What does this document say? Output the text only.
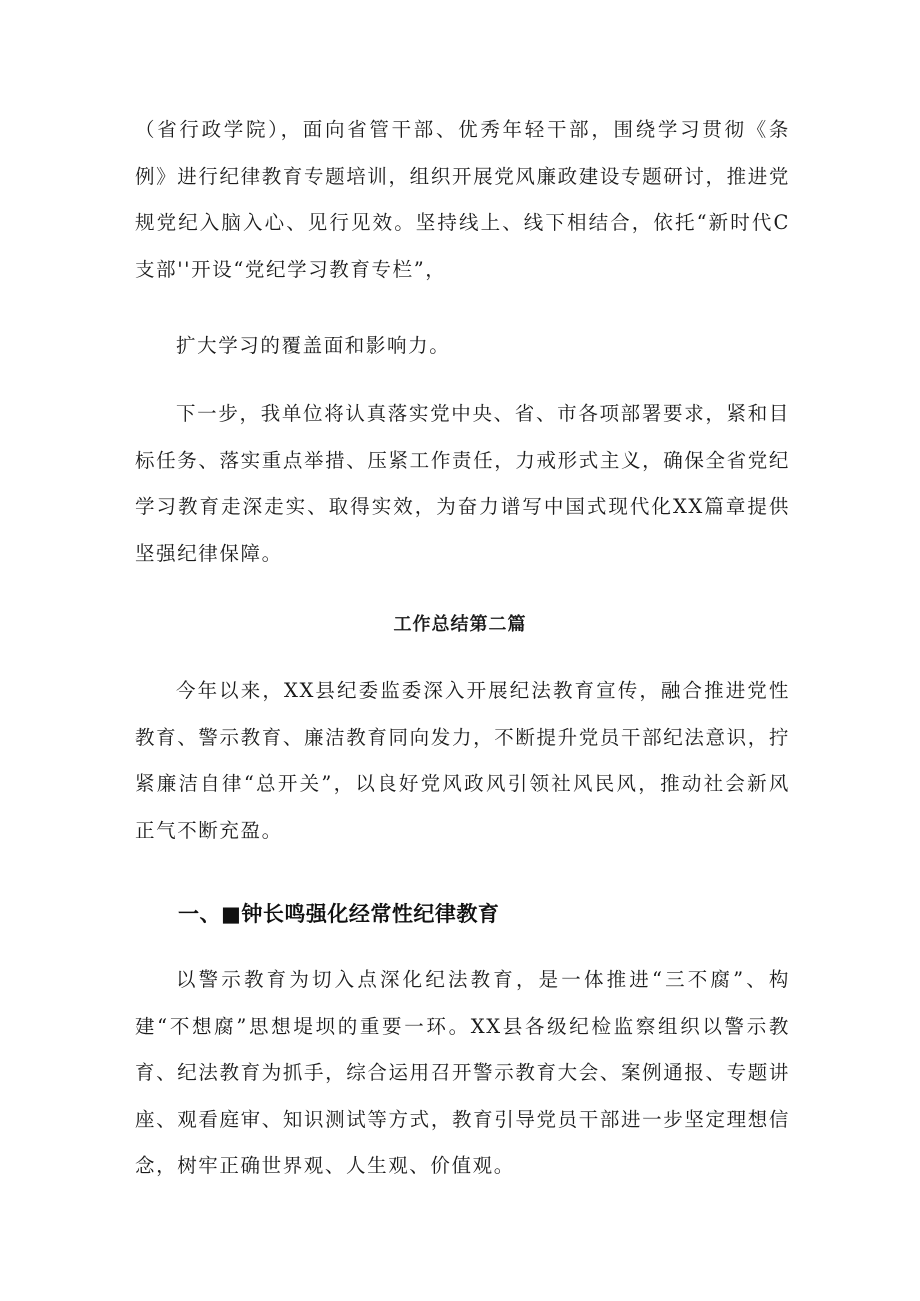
（省行政学院），面向省管干部、优秀年轻干部，围绕学习贯彻《条例》进行纪律教育专题培训，组织开展党风廉政建设专题研讨，推进党规党纪入脑入心、见行见效。坚持线上、线下相结合，依托“新时代C支部''开设“党纪学习教育专栏”，

扩大学习的覆盖面和影响力。

下一步，我单位将认真落实党中央、省、市各项部署要求，紧和目标任务、落实重点举措、压紧工作责任，力戒形式主义，确保全省党纪学习教育走深走实、取得实效，为奋力谱写中国式现代化XX篇章提供坚强纪律保障。

工作总结第二篇

今年以来，XX县纪委监委深入开展纪法教育宣传，融合推进党性教育、警示教育、廉洁教育同向发力，不断提升党员干部纪法意识，拧紧廉洁自律“总开关”，以良好党风政风引领社风民风，推动社会新风正气不断充盈。

一、■钟长鸣强化经常性纪律教育

以警示教育为切入点深化纪法教育，是一体推进“三不腐”、构建“不想腐”思想堤坝的重要一环。XX县各级纪检监察组织以警示教育、纪法教育为抓手，综合运用召开警示教育大会、案例通报、专题讲座、观看庭审、知识测试等方式，教育引导党员干部进一步坚定理想信念，树牢正确世界观、人生观、价值观。
